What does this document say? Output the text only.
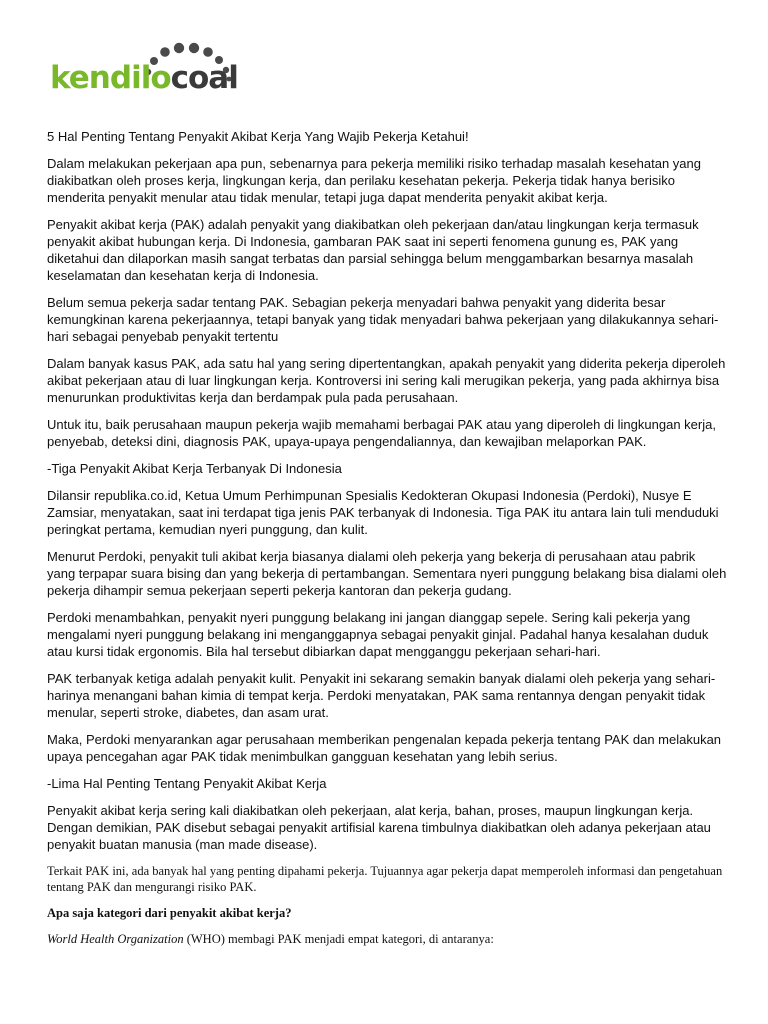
kendilocoal

5 Hal Penting Tentang Penyakit Akibat Kerja Yang Wajib Pekerja Ketahui!

Dalam melakukan pekerjaan apa pun, sebenarnya para pekerja memiliki risiko terhadap masalah kesehatan yang diakibatkan oleh proses kerja, lingkungan kerja, dan perilaku kesehatan pekerja. Pekerja tidak hanya berisiko menderita penyakit menular atau tidak menular, tetapi juga dapat menderita penyakit akibat kerja.

Penyakit akibat kerja (PAK) adalah penyakit yang diakibatkan oleh pekerjaan dan/atau lingkungan kerja termasuk penyakit akibat hubungan kerja. Di Indonesia, gambaran PAK saat ini seperti fenomena gunung es, PAK yang diketahui dan dilaporkan masih sangat terbatas dan parsial sehingga belum menggambarkan besarnya masalah keselamatan dan kesehatan kerja di Indonesia.

Belum semua pekerja sadar tentang PAK. Sebagian pekerja menyadari bahwa penyakit yang diderita besar kemungkinan karena pekerjaannya, tetapi banyak yang tidak menyadari bahwa pekerjaan yang dilakukannya sehari-hari sebagai penyebab penyakit tertentu

Dalam banyak kasus PAK, ada satu hal yang sering dipertentangkan, apakah penyakit yang diderita pekerja diperoleh akibat pekerjaan atau di luar lingkungan kerja. Kontroversi ini sering kali merugikan pekerja, yang pada akhirnya bisa menurunkan produktivitas kerja dan berdampak pula pada perusahaan.

Untuk itu, baik perusahaan maupun pekerja wajib memahami berbagai PAK atau yang diperoleh di lingkungan kerja, penyebab, deteksi dini, diagnosis PAK, upaya-upaya pengendaliannya, dan kewajiban melaporkan PAK.

-Tiga Penyakit Akibat Kerja Terbanyak Di Indonesia

Dilansir republika.co.id, Ketua Umum Perhimpunan Spesialis Kedokteran Okupasi Indonesia (Perdoki), Nusye E Zamsiar, menyatakan, saat ini terdapat tiga jenis PAK terbanyak di Indonesia. Tiga PAK itu antara lain tuli menduduki peringkat pertama, kemudian nyeri punggung, dan kulit.

Menurut Perdoki, penyakit tuli akibat kerja biasanya dialami oleh pekerja yang bekerja di perusahaan atau pabrik yang terpapar suara bising dan yang bekerja di pertambangan. Sementara nyeri punggung belakang bisa dialami oleh pekerja dihampir semua pekerjaan seperti pekerja kantoran dan pekerja gudang.

Perdoki menambahkan, penyakit nyeri punggung belakang ini jangan dianggap sepele. Sering kali pekerja yang mengalami nyeri punggung belakang ini menganggapnya sebagai penyakit ginjal. Padahal hanya kesalahan duduk atau kursi tidak ergonomis. Bila hal tersebut dibiarkan dapat mengganggu pekerjaan sehari-hari.

PAK terbanyak ketiga adalah penyakit kulit. Penyakit ini sekarang semakin banyak dialami oleh pekerja yang sehari-harinya menangani bahan kimia di tempat kerja. Perdoki menyatakan, PAK sama rentannya dengan penyakit tidak menular, seperti stroke, diabetes, dan asam urat.

Maka, Perdoki menyarankan agar perusahaan memberikan pengenalan kepada pekerja tentang PAK dan melakukan upaya pencegahan agar PAK tidak menimbulkan gangguan kesehatan yang lebih serius.

-Lima Hal Penting Tentang Penyakit Akibat Kerja

Penyakit akibat kerja sering kali diakibatkan oleh pekerjaan, alat kerja, bahan, proses, maupun lingkungan kerja. Dengan demikian, PAK disebut sebagai penyakit artifisial karena timbulnya diakibatkan oleh adanya pekerjaan atau penyakit buatan manusia (man made disease).

Terkait PAK ini, ada banyak hal yang penting dipahami pekerja. Tujuannya agar pekerja dapat memperoleh informasi dan pengetahuan tentang PAK dan mengurangi risiko PAK.

Apa saja kategori dari penyakit akibat kerja?

World Health Organization (WHO) membagi PAK menjadi empat kategori, di antaranya:
